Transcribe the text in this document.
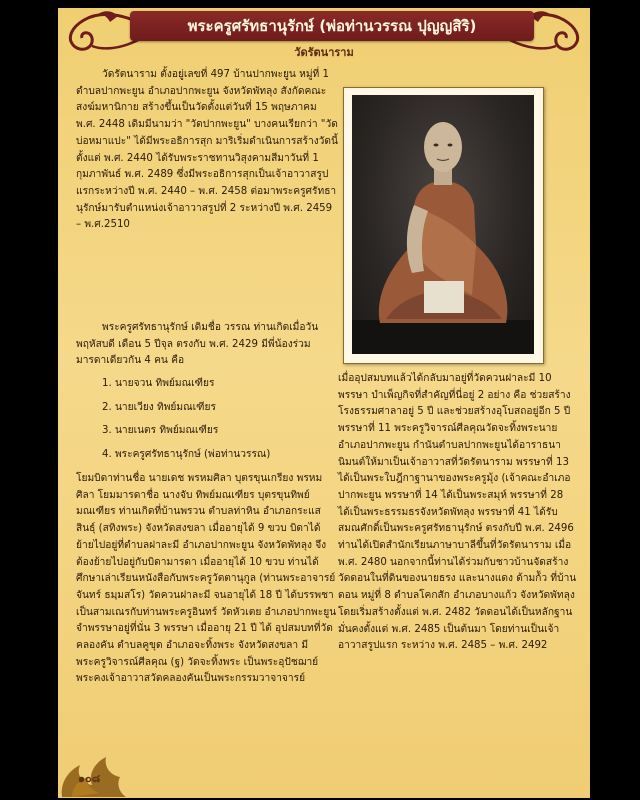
พระครูศรัทธานุรักษ์ (พ่อท่านวรรณ ปุญญสิริ)
วัดรัตนาราม

วัดรัตนาราม ตั้งอยู่เลขที่ 497 บ้านปากพะยูน หมู่ที่ 1 ตำบลปากพะยูน อำเภอปากพะยูน จังหวัดพัทลุง สังกัดคณะสงฆ์มหานิกาย สร้างขึ้นเป็นวัดตั้งแต่วันที่ 15 พฤษภาคม พ.ศ. 2448 เดิมมีนามว่า "วัดปากพะยูน" บางคนเรียกว่า "วัดบ่อหมาแปะ" ได้มีพระอธิการสุก มาริเริ่มดำเนินการสร้างวัดนี้ตั้งแต่ พ.ศ. 2440 ได้รับพระราชทานวิสุงคามสีมาวันที่ 1 กุมภาพันธ์ พ.ศ. 2489 ซึ่งมีพระอธิการสุกเป็นเจ้าอาวาสรูปแรกระหว่างปี พ.ศ. 2440 – พ.ศ. 2458 ต่อมาพระครูศรัทธานุรักษ์มารับตำแหน่งเจ้าอาวาสรูปที่ 2 ระหว่างปี พ.ศ. 2459 – พ.ศ.2510

พระครูศรัทธานุรักษ์ เดิมชื่อ วรรณ ท่านเกิดเมื่อวันพฤหัสบดี เดือน 5 ปีจุล ตรงกับ พ.ศ. 2429 มีพี่น้องร่วมมารดาเดียวกัน 4 คน คือ

1. นายจวน ทิพย์มณเฑียร
2. นายเวียง ทิพย์มณเฑียร
3. นายเนตร ทิพย์มณเฑียร
4. พระครูศรัทธานุรักษ์ (พ่อท่านวรรณ)

โยมบิดาท่านชื่อ นายเดช พรหมศิลา บุตรขุนเกรียง พรหมศิลา โยมมารดาชื่อ นางจับ ทิพย์มณเฑียร บุตรขุนทิพย์มณเฑียร ท่านเกิดที่บ้านพรวน ตำบลท่าหิน อำเภอกระแสสินธุ์ (สทิงพระ) จังหวัดสงขลา เมื่ออายุได้ 9 ขวบ บิดาได้ย้ายไปอยู่ที่ตำบลฝาละมี อำเภอปากพะยูน จังหวัดพัทลุง จึงต้องย้ายไปอยู่กับบิดามารดา เมื่ออายุได้ 10 ขวบ ท่านได้ศึกษาเล่าเรียนหนังสือกับพระครูวัตตานุกูล (ท่านพระอาจารย์จันทร์ ธมฺมสโร) วัดควนฝาละมี จนอายุได้ 18 ปี ได้บรรพชาเป็นสามเณรกับท่านพระครูอินทร์ วัดหัวเตย อำเภอปากพะยูนจำพรรษาอยู่ที่นั่น 3 พรรษา เมื่ออายุ 21 ปี ได้ อุปสมบทที่วัดคลองคัน ตำบลคูขุด อำเภอจะทิ้งพระ จังหวัดสงขลา มีพระครูวิจารณ์ศีลคุณ (ฐ) วัดจะทิ้งพระ เป็นพระอุปัชฌาย์ พระคงเจ้าอาวาสวัดคลองคันเป็นพระกรรมวาจาจารย์

เมื่ออุปสมบทแล้วได้กลับมาอยู่ที่วัดควนฝาละมี 10 พรรษา บำเพ็ญกิจที่สำคัญที่นี่อยู่ 2 อย่าง คือ ช่วยสร้างโรงธรรมศาลาอยู่ 5 ปี และช่วยสร้างอุโบสถอยู่อีก 5 ปี พรรษาที่ 11 พระครูวิจารณ์ศีลคุณวัดจะทิ้งพระนายอำเภอปากพะยูน กำนันตำบลปากพะยูนได้อาราธนานิมนต์ให้มาเป็นเจ้าอาวาสที่วัดรัตนาราม พรรษาที่ 13 ได้เป็นพระใบฎีกาฐานาของพระครูมุ้ง (เจ้าคณะอำเภอปากพะยูน พรรษาที่ 14 ได้เป็นพระสมุห์ พรรษาที่ 28 ได้เป็นพระธรรมธรจังหวัดพัทลุง พรรษาที่ 41 ได้รับสมณศักดิ์เป็นพระครูศรัทธานุรักษ์ ตรงกับปี พ.ศ. 2496 ท่านได้เปิดสำนักเรียนภาษาบาลีขึ้นที่วัดรัตนาราม เมื่อ พ.ศ. 2480 นอกจากนี้ท่านได้ร่วมกับชาวบ้านจัดสร้างวัดดอนในที่ดินของนายธรง และนางแดง ด้ามก้ัว ที่บ้านดอน หมู่ที่ 8 ตำบลโคกสัก อำเภอบางแก้ว จังหวัดพัทลุง โดยเริ่มสร้างตั้งแต่ พ.ศ. 2482 วัดดอนได้เป็นหลักฐานมั่นคงตั้งแต่ พ.ศ. 2485 เป็นต้นมา โดยท่านเป็นเจ้าอาวาสรูปแรก ระหว่าง พ.ศ. 2485 – พ.ศ. 2492

๑๐๘
